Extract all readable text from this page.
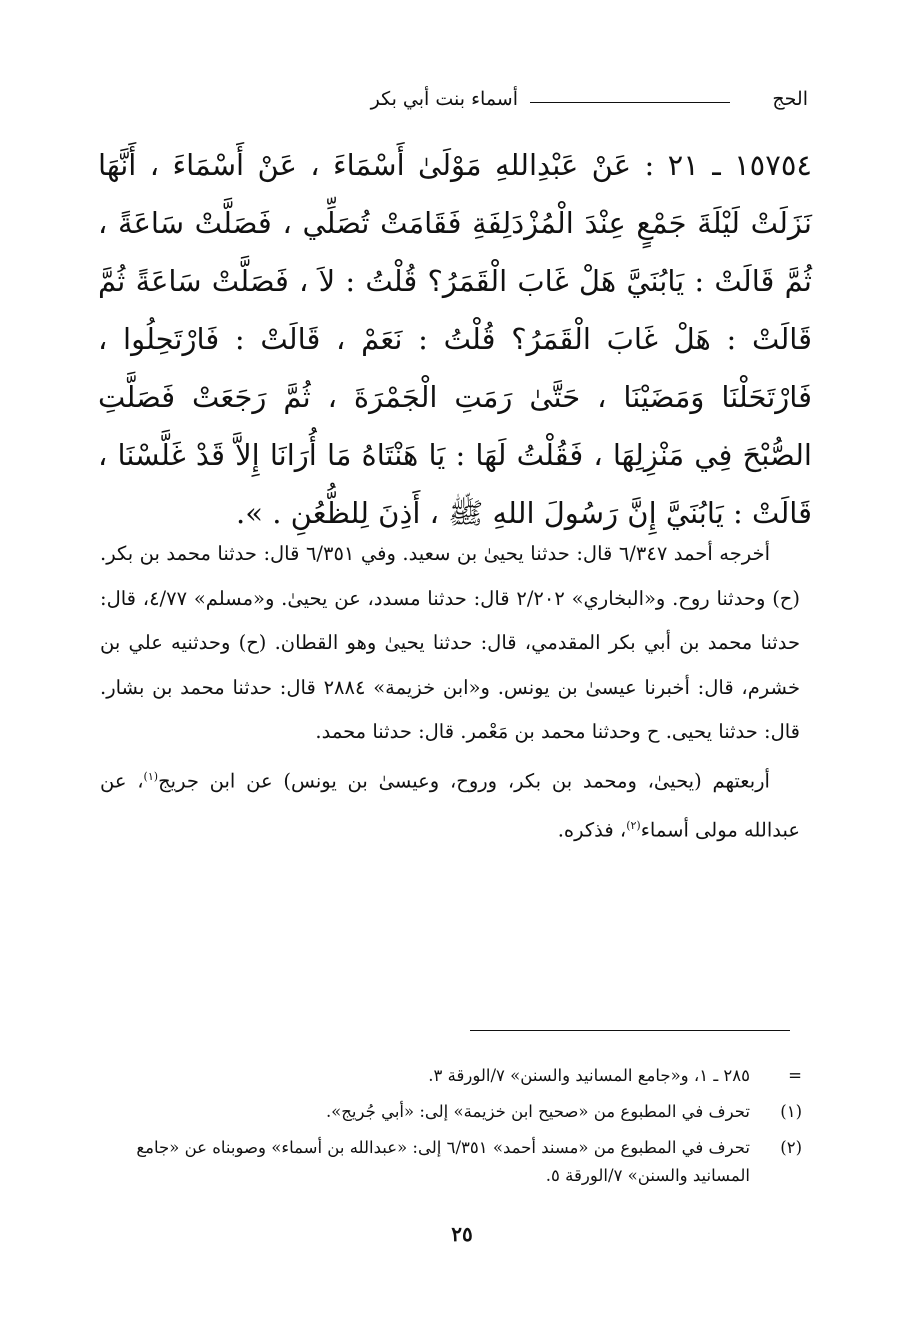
الحج
أسماء بنت أبي بكر
١٥٧٥٤ ـ ٢١ : عَنْ عَبْدِاللهِ مَوْلَىٰ أَسْمَاءَ ، عَنْ أَسْمَاءَ ، أَنَّهَا نَزَلَتْ لَيْلَةَ جَمْعٍ عِنْدَ الْمُزْدَلِفَةِ فَقَامَتْ تُصَلِّي ، فَصَلَّتْ سَاعَةً ، ثُمَّ قَالَتْ : يَابُنَيَّ هَلْ غَابَ الْقَمَرُ؟ قُلْتُ : لاَ ، فَصَلَّتْ سَاعَةً ثُمَّ قَالَتْ : هَلْ غَابَ الْقَمَرُ؟ قُلْتُ : نَعَمْ ، قَالَتْ : فَارْتَحِلُوا ، فَارْتَحَلْنَا وَمَضَيْنَا ، حَتَّىٰ رَمَتِ الْجَمْرَةَ ، ثُمَّ رَجَعَتْ فَصَلَّتِ الصُّبْحَ فِي مَنْزِلِهَا ، فَقُلْتُ لَهَا : يَا هَنْتَاهُ مَا أُرَانَا إِلاَّ قَدْ غَلَّسْنَا ، قَالَتْ : يَابُنَيَّ إِنَّ رَسُولَ اللهِ ﷺ ، أَذِنَ لِلظُّعُنِ . ».

أخرجه أحمد ٦/٣٤٧ قال: حدثنا يحيىٰ بن سعيد. وفي ٦/٣٥١ قال: حدثنا محمد بن بكر. (ح) وحدثنا روح. و«البخاري» ٢/٢٠٢ قال: حدثنا مسدد، عن يحيىٰ. و«مسلم» ٤/٧٧، قال: حدثنا محمد بن أبي بكر المقدمي، قال: حدثنا يحيىٰ وهو القطان. (ح) وحدثنيه علي بن خشرم، قال: أخبرنا عيسىٰ بن يونس. و«ابن خزيمة» ٢٨٨٤ قال: حدثنا محمد بن بشار. قال: حدثنا يحيى. ح وحدثنا محمد بن مَعْمر. قال: حدثنا محمد.

أربعتهم (يحيىٰ، ومحمد بن بكر، وروح، وعيسىٰ بن يونس) عن ابن جريج$^{(١)}$، عن عبدالله مولى أسماء$^{(٢)}$، فذكره.

=
٢٨٥ ـ ١، و«جامع المسانيد والسنن» ٧/الورقة ٣.
(١)
تحرف في المطبوع من «صحيح ابن خزيمة» إلى: «أبي جُريج».
(٢)
تحرف في المطبوع من «مسند أحمد» ٦/٣٥١ إلى: «عبدالله بن أسماء» وصوبناه عن «جامع المسانيد والسنن» ٧/الورقة ٥.
٢٥
